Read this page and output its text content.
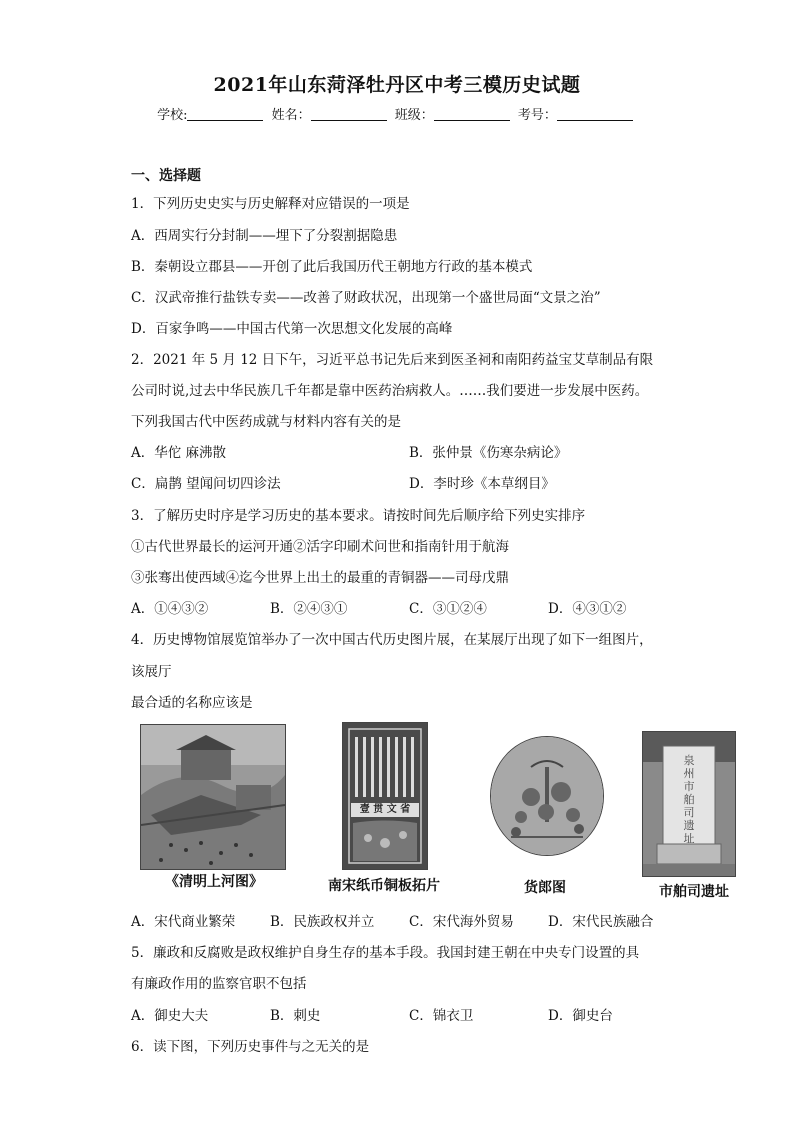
2021年山东菏泽牡丹区中考三模历史试题
学校:	姓名：	班级：	考号：
一、选择题
1．下列历史史实与历史解释对应错误的一项是
A．西周实行分封制——埋下了分裂割据隐患
B．秦朝设立郡县——开创了此后我国历代王朝地方行政的基本模式
C．汉武帝推行盐铁专卖——改善了财政状况，出现第一个盛世局面“文景之治”
D．百家争鸣——中国古代第一次思想文化发展的高峰
2．2021 年 5 月 12 日下午，习近平总书记先后来到医圣祠和南阳药益宝艾草制品有限
公司时说,过去中华民族几千年都是靠中医药治病救人。……我们要进一步发展中医药。
下列我国古代中医药成就与材料内容有关的是
A．华佗 麻沸散	B．张仲景《伤寒杂病论》
C．扁鹊 望闻问切四诊法	D．李时珍《本草纲目》
3．了解历史时序是学习历史的基本要求。请按时间先后顺序给下列史实排序
①古代世界最长的运河开通②活字印刷术问世和指南针用于航海
③张骞出使西域④迄今世界上出土的最重的青铜器——司母戊鼎
A．①④③②	B．②④③①	C．③①②④	D．④③①②
4．历史博物馆展览馆举办了一次中国古代历史图片展，在某展厅出现了如下一组图片，
该展厅
最合适的名称应该是
壹 贯 文 省
泉州市舶司遗址
《清明上河图》	南宋纸币铜板拓片	货郎图	市舶司遗址
A．宋代商业繁荣	B．民族政权并立	C．宋代海外贸易	D．宋代民族融合
5．廉政和反腐败是政权维护自身生存的基本手段。我国封建王朝在中央专门设置的具
有廉政作用的监察官职不包括
A．御史大夫	B．刺史	C．锦衣卫	D．御史台
6．读下图，下列历史事件与之无关的是
